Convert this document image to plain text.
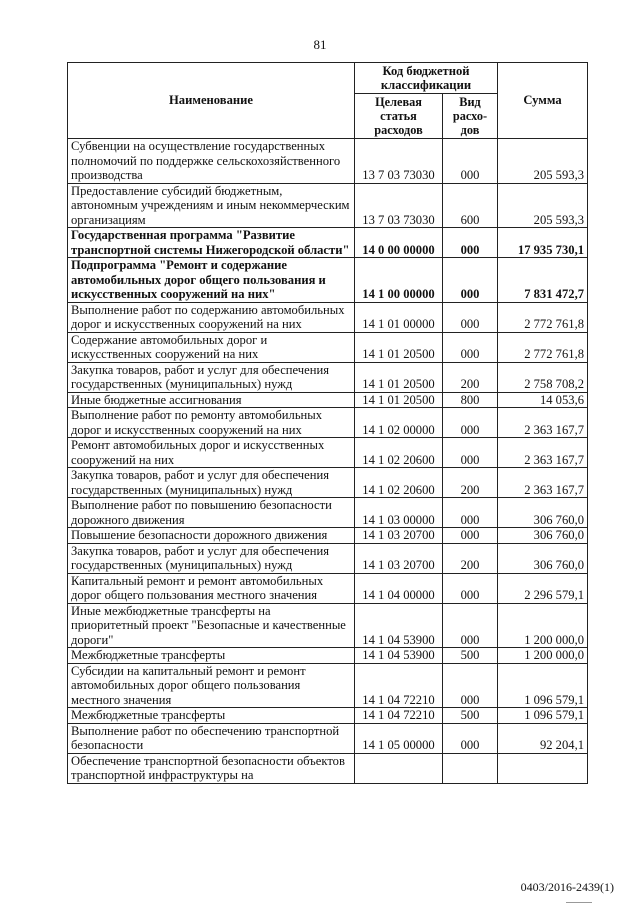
81
Наименование	Код бюджетной классификации		Сумма
	Целевая статья расходов	Вид расхо-дов	
Субвенции на осуществление государственных полномочий по поддержке сельскохозяйственного производства	13 7 03 73030	000	205 593,3
Предоставление субсидий бюджетным, автономным учреждениям и иным некоммерческим организациям	13 7 03 73030	600	205 593,3
Государственная программа "Развитие транспортной системы Нижегородской области"	14 0 00 00000	000	17 935 730,1
Подпрограмма "Ремонт и содержание автомобильных дорог общего пользования и искусственных сооружений на них"	14 1 00 00000	000	7 831 472,7
Выполнение работ по содержанию автомобильных дорог и искусственных сооружений на них	14 1 01 00000	000	2 772 761,8
Содержание автомобильных дорог и искусственных сооружений на них	14 1 01 20500	000	2 772 761,8
Закупка товаров, работ и услуг для обеспечения государственных (муниципальных) нужд	14 1 01 20500	200	2 758 708,2
Иные бюджетные ассигнования	14 1 01 20500	800	14 053,6
Выполнение работ по ремонту автомобильных дорог и искусственных сооружений на них	14 1 02 00000	000	2 363 167,7
Ремонт автомобильных дорог и искусственных сооружений на них	14 1 02 20600	000	2 363 167,7
Закупка товаров, работ и услуг для обеспечения государственных (муниципальных) нужд	14 1 02 20600	200	2 363 167,7
Выполнение работ по повышению безопасности дорожного движения	14 1 03 00000	000	306 760,0
Повышение безопасности дорожного движения	14 1 03 20700	000	306 760,0
Закупка товаров, работ и услуг для обеспечения государственных (муниципальных) нужд	14 1 03 20700	200	306 760,0
Капитальный ремонт и ремонт автомобильных дорог общего пользования местного значения	14 1 04 00000	000	2 296 579,1
Иные межбюджетные трансферты на приоритетный проект "Безопасные и качественные дороги"	14 1 04 53900	000	1 200 000,0
Межбюджетные трансферты	14 1 04 53900	500	1 200 000,0
Субсидии на капитальный ремонт и ремонт автомобильных дорог общего пользования местного значения	14 1 04 72210	000	1 096 579,1
Межбюджетные трансферты	14 1 04 72210	500	1 096 579,1
Выполнение работ по обеспечению транспортной безопасности	14 1 05 00000	000	92 204,1
Обеспечение транспортной безопасности объектов транспортной инфраструктуры на			
0403/2016-2439(1)
